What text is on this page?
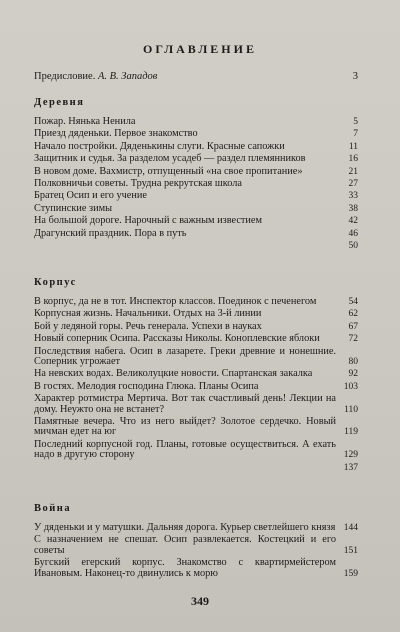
ОГЛАВЛЕНИЕ
Предисловие. А. В. Западов	3
Деревня
Пожар. Нянька Ненила	5
Приезд дяденьки. Первое знакомство	7
Начало постройки. Дяденькины слуги. Красные сапожки	11
Защитник и судья. За разделом усадеб — раздел племянников	16
В новом доме. Вахмистр, отпущенный «на свое пропитание»	21
Полковничьи советы. Трудна рекрутская школа	27
Братец Осип и его учение	33
Ступинские зимы	38
На большой дороге. Нарочный с важным известием	42
Драгунский праздник. Пора в путь	46

50
Корпус
В корпус, да не в тот. Инспектор классов. Поединок с печенегом	54
Корпусная жизнь. Начальники. Отдых на 3-й линии	62
Бой у ледяной горы. Речь генерала. Успехи в науках	67
Новый соперник Осипа. Рассказы Николы. Коноплевские яблоки	72
Последствия набега. Осип в лазарете. Греки древние и нонешние. Соперник угрожает	80
На невских водах. Великолуцкие новости. Спартанская закалка	92
В гостях. Мелодия господина Глюка. Планы Осипа	103
Характер ротмистра Мертича. Вот так счастливый день! Лекции на дому. Неужто она не встанет?	110
Памятные вечера. Что из него выйдет? Золотое сердечко. Новый мичман едет на юг	119
Последний корпусной год. Планы, готовые осуществиться. А ехать надо в другую сторону	129

137
Война
У дяденьки и у матушки. Дальняя дорога. Курьер светлейшего князя 144
С назначением не спешат. Осип развлекается. Костецкий и его советы	151
Бугский егерский корпус. Знакомство с квартирмейстером Ивановым. Наконец-то двинулись к морю	159
349
